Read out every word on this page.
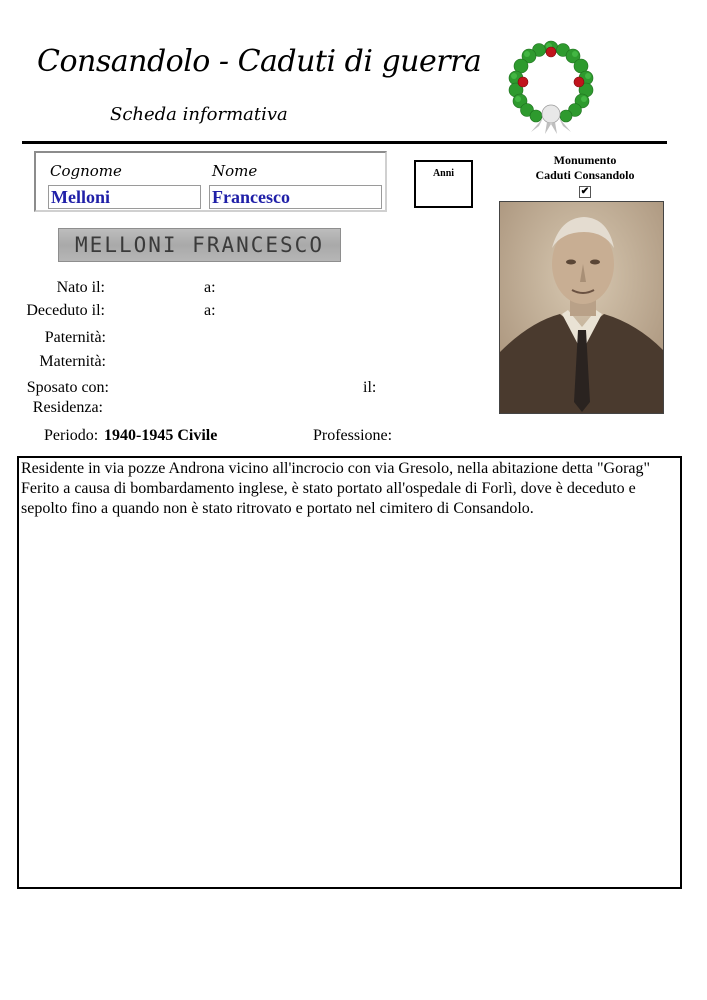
Consandolo - Caduti di guerra
Scheda informativa
Cognome	Nome
Melloni	Francesco
Anni
Monumento
Caduti Consandolo
✔
MELLONI FRANCESCO
Nato il:	a:
Deceduto il:	a:
Paternità:
Maternità:
Sposato con:	il:
Residenza:
Periodo: 1940-1945 Civile	Professione:
Residente in via pozze Androna vicino all'incrocio con via Gresolo, nella abitazione detta "Gorag" Ferito a causa di bombardamento inglese, è stato portato all'ospedale di Forlì, dove è deceduto e sepolto fino a quando non è stato ritrovato e portato nel cimitero di Consandolo.
